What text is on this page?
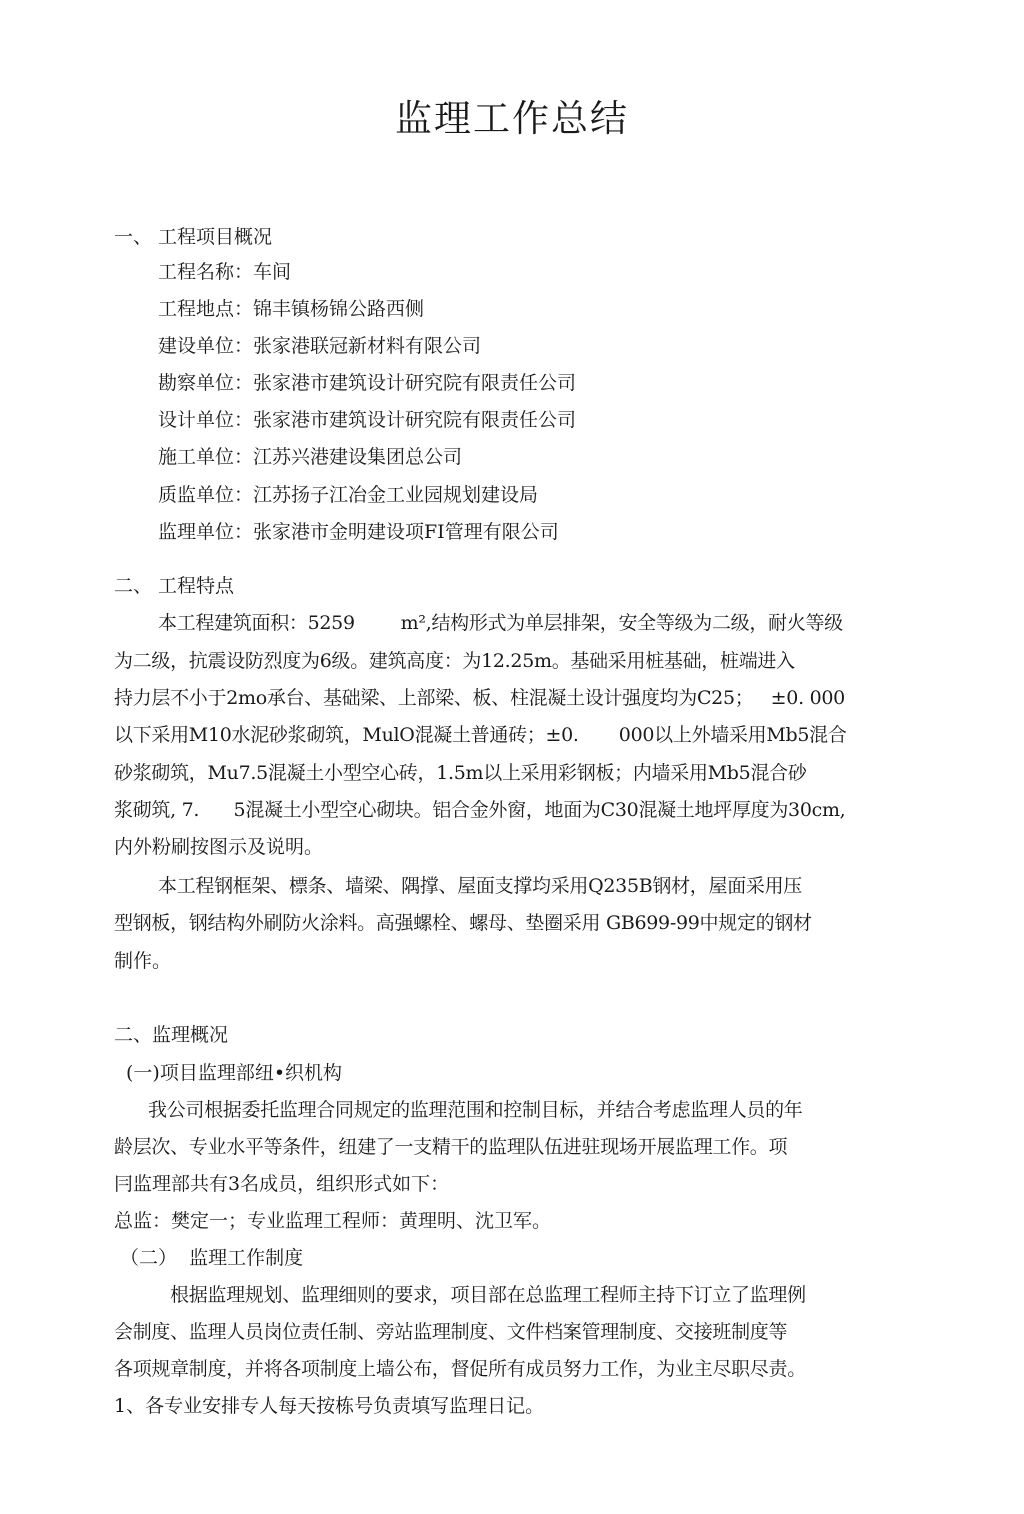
监理工作总结
一、 工程项目概况
工程名称：车间
工程地点：锦丰镇杨锦公路西侧
建设单位：张家港联冠新材料有限公司
勘察单位：张家港市建筑设计研究院有限责任公司
设计单位：张家港市建筑设计研究院有限责任公司
施工单位：江苏兴港建设集团总公司
质监单位：江苏扬子江冶金工业园规划建设局
监理单位：张家港市金明建设项FI管理有限公司
二、 工程特点
本工程建筑面积：5259        m²,结构形式为单层排架，安全等级为二级，耐火等级
为二级，抗震设防烈度为6级。建筑高度：为12.25m。基础采用桩基础，桩端进入
持力层不小于2mo承台、基础梁、上部梁、板、柱混凝土设计强度均为C25；   ±0. 000
以下采用M10水泥砂浆砌筑，MulO混凝土普通砖；±0.       000以上外墙采用Mb5混合
砂浆砌筑，Mu7.5混凝土小型空心砖，1.5m以上采用彩钢板；内墙采用Mb5混合砂
浆砌筑, 7.      5混凝土小型空心砌块。铝合金外窗，地面为C30混凝土地坪厚度为30cm,
内外粉刷按图示及说明。
本工程钢框架、標条、墙梁、隅撑、屋面支撑均采用Q235B钢材，屋面采用压
型钢板，钢结构外刷防火涂料。高强螺栓、螺母、垫圈采用 GB699-99中规定的钢材
制作。
二、监理概况
(一)项目监理部纽•织机构
我公司根据委托监理合同规定的监理范围和控制目标，并结合考虑监理人员的年
龄层次、专业水平等条件，纽建了一支精干的监理队伍进驻现场开展监理工作。项
冃监理部共有3名成员，组织形式如下：
总监：樊定一；专业监理工程师：黄理明、沈卫军。
（二）  监理工作制度
根据监理规划、监理细则的要求，项目部在总监理工程师主持下订立了监理例
会制度、监理人员岗位责任制、旁站监理制度、文件档案管理制度、交接班制度等
各项规章制度，并将各项制度上墙公布，督促所有成员努力工作，为业主尽职尽责。
1、各专业安排专人每天按栋号负责填写监理日记。
